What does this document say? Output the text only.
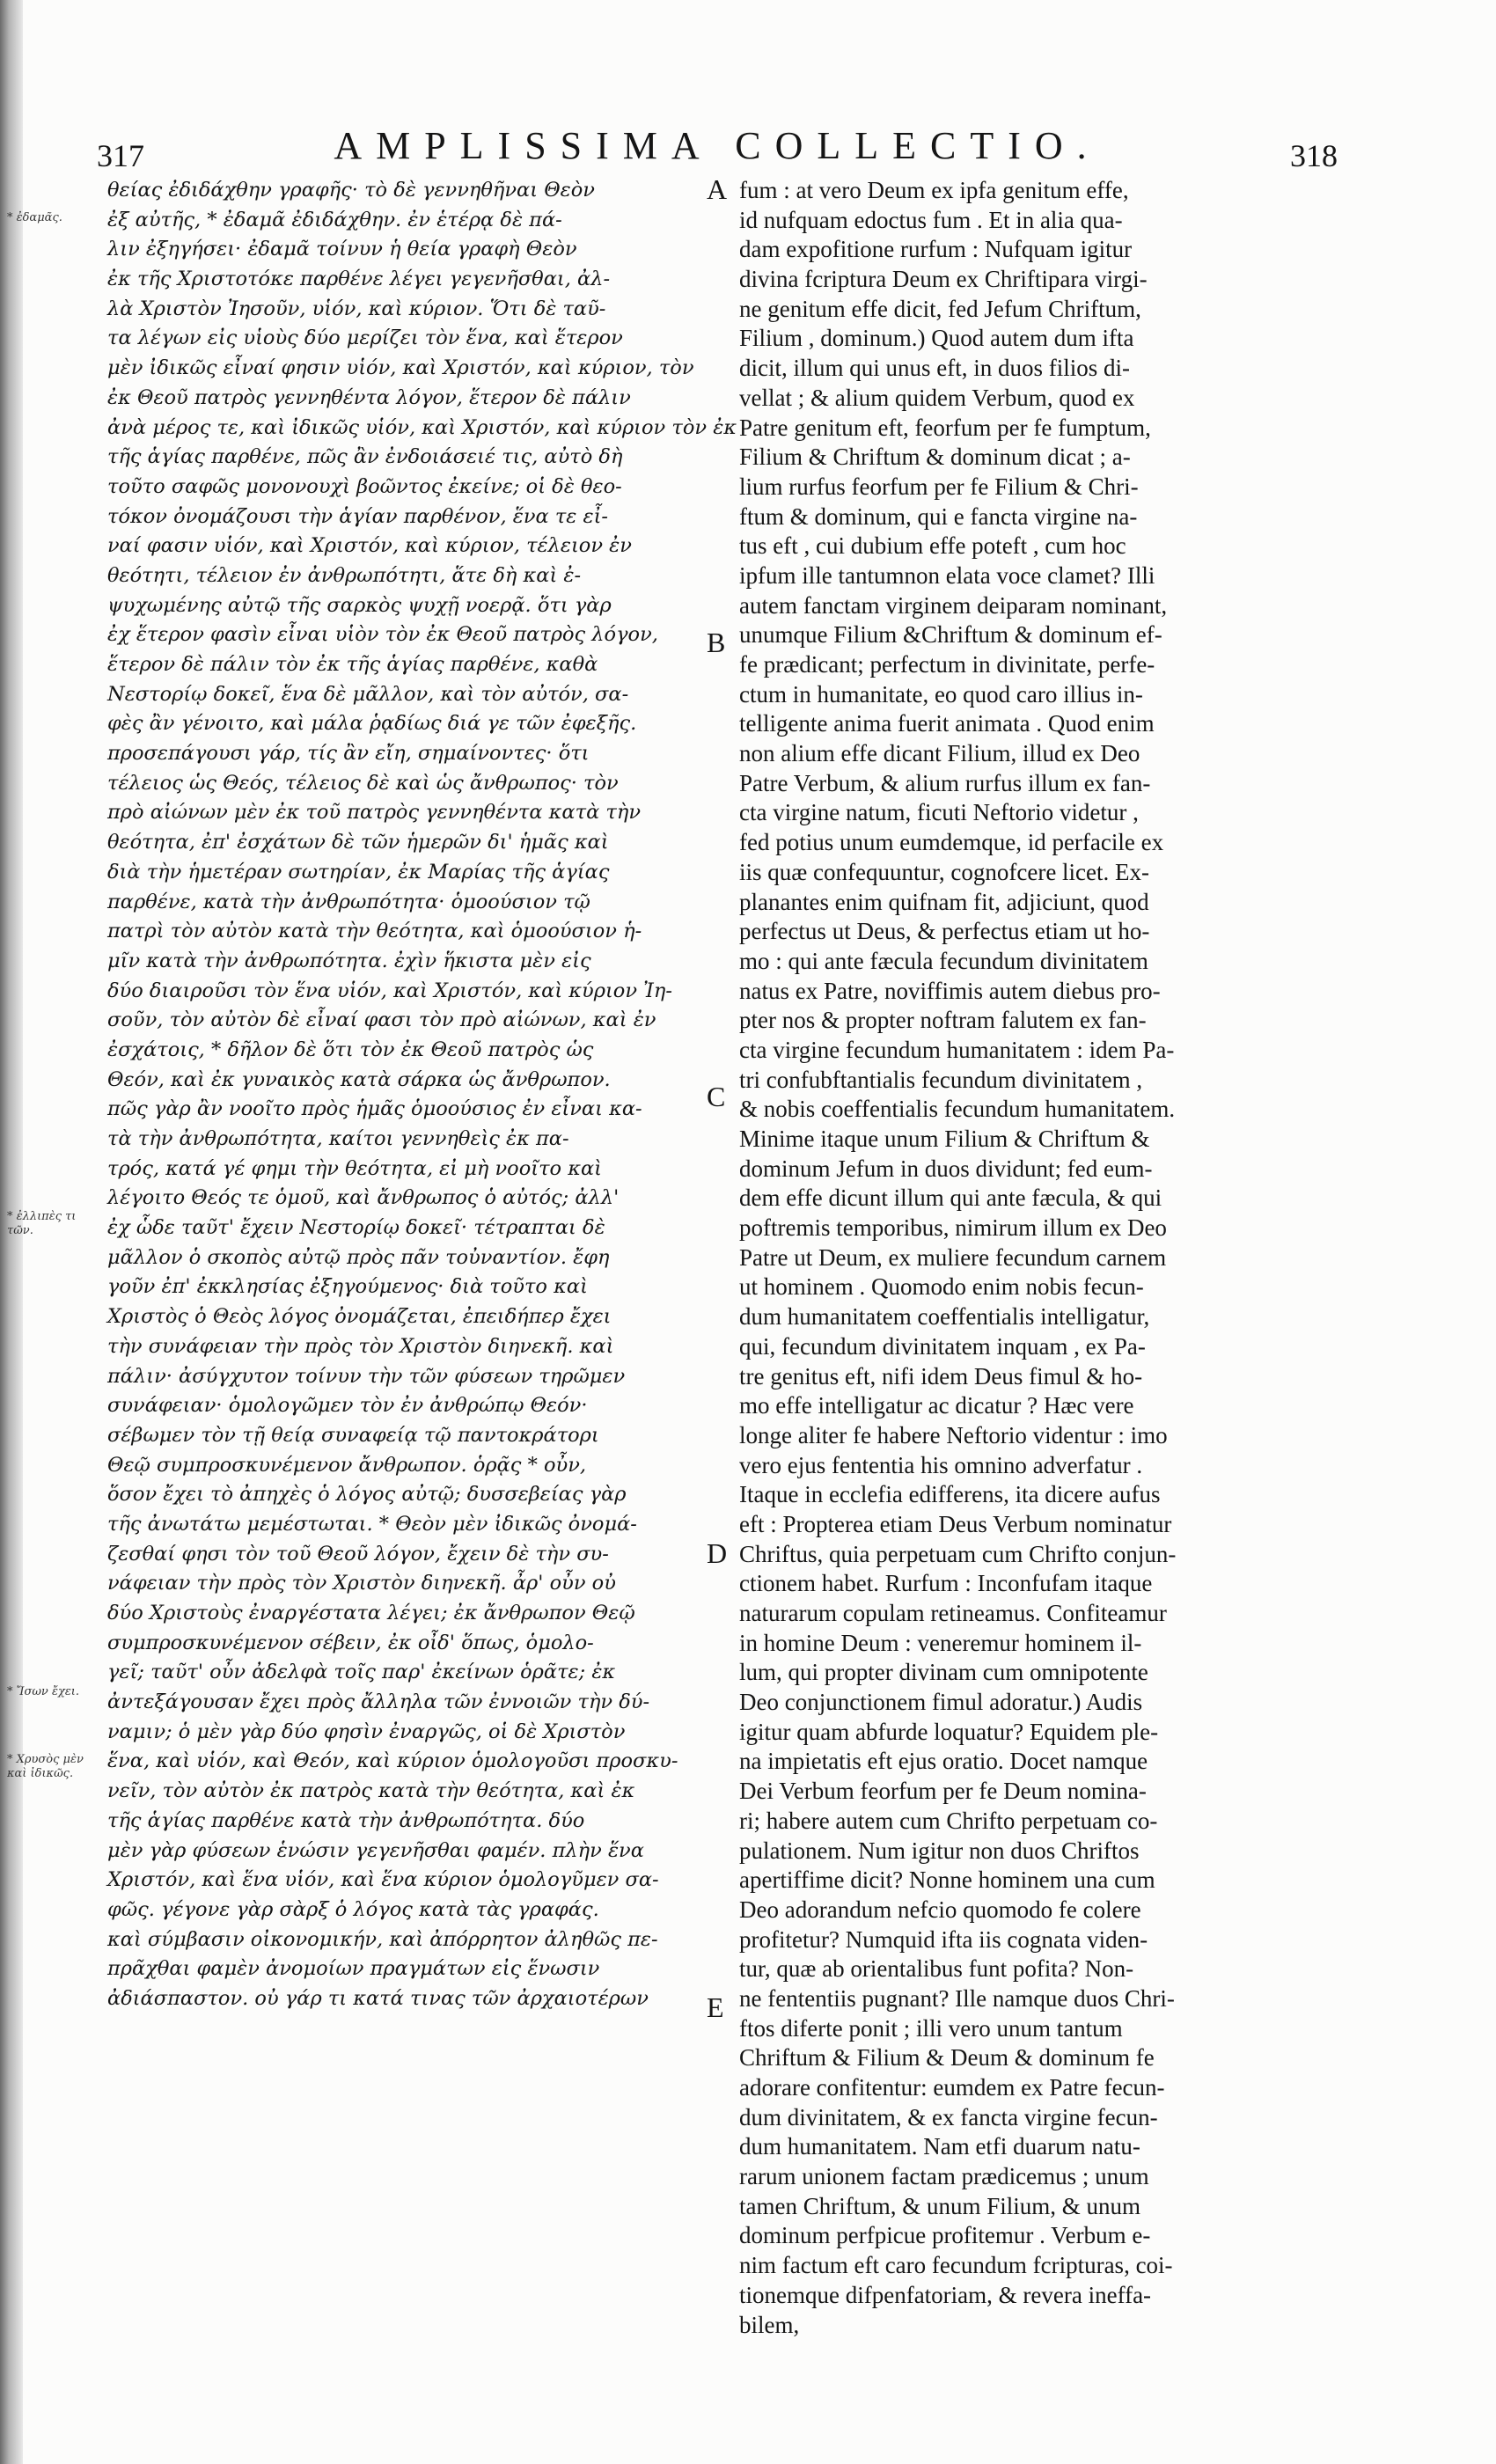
317	AMPLISSIMA COLLECTIO.	318
* ἐδαμᾶς.
* ἐλλιπὲς τι τῶν.
* Ἴσων ἔχει.
* Χρυσὸς μὲν καὶ ἰδικῶς.
A
B
C
D
E
θείας ἐδιδάχθην γραφῆς· τὸ δὲ γεννηθῆναι Θεὸν
ἐξ αὐτῆς, * ἐδαμᾶ ἐδιδάχθην. ἐν ἑτέρᾳ δὲ πά-
λιν ἐξηγήσει· ἐδαμᾶ τοίνυν ἡ θεία γραφὴ Θεὸν
ἐκ τῆς Χριστοτόκε παρθένε λέγει γεγενῆσθαι, ἀλ-
λὰ Χριστὸν Ἰησοῦν, υἱόν, καὶ κύριον. Ὅτι δὲ ταῦ-
τα λέγων εἰς υἱοὺς δύο μερίζει τὸν ἕνα, καὶ ἕτερον
μὲν ἰδικῶς εἶναί φησιν υἱόν, καὶ Χριστόν, καὶ κύριον, τὸν
ἐκ Θεοῦ πατρὸς γεννηθέντα λόγον, ἕτερον δὲ πάλιν
ἀνὰ μέρος τε, καὶ ἰδικῶς υἱόν, καὶ Χριστόν, καὶ κύριον τὸν ἐκ
τῆς ἁγίας παρθένε, πῶς ἂν ἐνδοιάσειέ τις, αὐτὸ δὴ
τοῦτο σαφῶς μονονουχὶ βοῶντος ἐκείνε; οἱ δὲ θεο-
τόκον ὀνομάζουσι τὴν ἁγίαν παρθένον, ἕνα τε εἶ-
ναί φασιν υἱόν, καὶ Χριστόν, καὶ κύριον, τέλειον ἐν
θεότητι, τέλειον ἐν ἀνθρωπότητι, ἅτε δὴ καὶ ἐ-
ψυχωμένης αὐτῷ τῆς σαρκὸς ψυχῇ νοερᾷ. ὅτι γὰρ
ἐχ ἕτερον φασὶν εἶναι υἱὸν τὸν ἐκ Θεοῦ πατρὸς λόγον,
ἕτερον δὲ πάλιν τὸν ἐκ τῆς ἁγίας παρθένε, καθὰ
Νεστορίῳ δοκεῖ, ἕνα δὲ μᾶλλον, καὶ τὸν αὐτόν, σα-
φὲς ἂν γένοιτο, καὶ μάλα ῥᾳδίως διά γε τῶν ἐφεξῆς.
προσεπάγουσι γάρ, τίς ἂν εἴη, σημαίνοντες· ὅτι
τέλειος ὡς Θεός, τέλειος δὲ καὶ ὡς ἄνθρωπος· τὸν
πρὸ αἰώνων μὲν ἐκ τοῦ πατρὸς γεννηθέντα κατὰ τὴν
θεότητα, ἐπ' ἐσχάτων δὲ τῶν ἡμερῶν δι' ἡμᾶς καὶ
διὰ τὴν ἡμετέραν σωτηρίαν, ἐκ Μαρίας τῆς ἁγίας
παρθένε, κατὰ τὴν ἀνθρωπότητα· ὁμοούσιον τῷ
πατρὶ τὸν αὐτὸν κατὰ τὴν θεότητα, καὶ ὁμοούσιον ἡ-
μῖν κατὰ τὴν ἀνθρωπότητα. ἐχὶν ἥκιστα μὲν εἰς
δύο διαιροῦσι τὸν ἕνα υἱόν, καὶ Χριστόν, καὶ κύριον Ἰη-
σοῦν, τὸν αὐτὸν δὲ εἶναί φασι τὸν πρὸ αἰώνων, καὶ ἐν
ἐσχάτοις, * δῆλον δὲ ὅτι τὸν ἐκ Θεοῦ πατρὸς ὡς
Θεόν, καὶ ἐκ γυναικὸς κατὰ σάρκα ὡς ἄνθρωπον.
πῶς γὰρ ἂν νοοῖτο πρὸς ἡμᾶς ὁμοούσιος ἐν εἶναι κα-
τὰ τὴν ἀνθρωπότητα, καίτοι γεννηθεὶς ἐκ πα-
τρός, κατά γέ φημι τὴν θεότητα, εἰ μὴ νοοῖτο καὶ
λέγοιτο Θεός τε ὁμοῦ, καὶ ἄνθρωπος ὁ αὐτός; ἀλλ'
ἐχ ὧδε ταῦτ' ἔχειν Νεστορίῳ δοκεῖ· τέτραπται δὲ
μᾶλλον ὁ σκοπὸς αὐτῷ πρὸς πᾶν τοὐναντίον. ἔφη
γοῦν ἐπ' ἐκκλησίας ἐξηγούμενος· διὰ τοῦτο καὶ
Χριστὸς ὁ Θεὸς λόγος ὀνομάζεται, ἐπειδήπερ ἔχει
τὴν συνάφειαν τὴν πρὸς τὸν Χριστὸν διηνεκῆ. καὶ
πάλιν· ἀσύγχυτον τοίνυν τὴν τῶν φύσεων τηρῶμεν
συνάφειαν· ὁμολογῶμεν τὸν ἐν ἀνθρώπῳ Θεόν·
σέβωμεν τὸν τῇ θείᾳ συναφείᾳ τῷ παντοκράτορι
Θεῷ συμπροσκυνέμενον ἄνθρωπον. ὁρᾷς * οὖν,
ὅσον ἔχει τὸ ἀπηχὲς ὁ λόγος αὐτῷ; δυσσεβείας γὰρ
τῆς ἀνωτάτω μεμέστωται. * Θεὸν μὲν ἰδικῶς ὀνομά-
ζεσθαί φησι τὸν τοῦ Θεοῦ λόγον, ἔχειν δὲ τὴν συ-
νάφειαν τὴν πρὸς τὸν Χριστὸν διηνεκῆ. ἆρ' οὖν οὐ
δύο Χριστοὺς ἐναργέστατα λέγει; ἐκ ἄνθρωπον Θεῷ
συμπροσκυνέμενον σέβειν, ἐκ οἶδ' ὅπως, ὁμολο-
γεῖ; ταῦτ' οὖν ἀδελφὰ τοῖς παρ' ἐκείνων ὁρᾶτε; ἐκ
ἀντεξάγουσαν ἔχει πρὸς ἄλληλα τῶν ἐννοιῶν τὴν δύ-
ναμιν; ὁ μὲν γὰρ δύο φησὶν ἐναργῶς, οἱ δὲ Χριστὸν
ἕνα, καὶ υἱόν, καὶ Θεόν, καὶ κύριον ὁμολογοῦσι προσκυ-
νεῖν, τὸν αὐτὸν ἐκ πατρὸς κατὰ τὴν θεότητα, καὶ ἐκ
τῆς ἁγίας παρθένε κατὰ τὴν ἀνθρωπότητα. δύο
μὲν γὰρ φύσεων ἑνώσιν γεγενῆσθαι φαμέν. πλὴν ἕνα
Χριστόν, καὶ ἕνα υἱόν, καὶ ἕνα κύριον ὁμολογῦμεν σα-
φῶς. γέγονε γὰρ σὰρξ ὁ λόγος κατὰ τὰς γραφάς.
καὶ σύμβασιν οἰκονομικήν, καὶ ἀπόρρητον ἀληθῶς πε-
πρᾶχθαι φαμὲν ἀνομοίων πραγμάτων εἰς ἕνωσιν
ἀδιάσπαστον. οὐ γάρ τι κατά τινας τῶν ἀρχαιοτέρων
fum : at vero Deum ex ipfa genitum effe,
id nufquam edoctus fum . Et in alia qua-
dam expofitione rurfum : Nufquam igitur
divina fcriptura Deum ex Chriftipara virgi-
ne genitum effe dicit, fed Jefum Chriftum,
Filium , dominum.) Quod autem dum ifta
dicit, illum qui unus eft, in duos filios di-
vellat ; & alium quidem Verbum, quod ex
Patre genitum eft, feorfum per fe fumptum,
Filium & Chriftum & dominum dicat ; a-
lium rurfus feorfum per fe Filium & Chri-
ftum & dominum, qui e fancta virgine na-
tus eft , cui dubium effe poteft , cum hoc
ipfum ille tantumnon elata voce clamet? Illi
autem fanctam virginem deiparam nominant,
unumque Filium &Chriftum & dominum ef-
fe prædicant; perfectum in divinitate, perfe-
ctum in humanitate, eo quod caro illius in-
telligente anima fuerit animata . Quod enim
non alium effe dicant Filium, illud ex Deo
Patre Verbum, & alium rurfus illum ex fan-
cta virgine natum, ficuti Neftorio videtur ,
fed potius unum eumdemque, id perfacile ex
iis quæ confequuntur, cognofcere licet. Ex-
planantes enim quifnam fit, adjiciunt, quod
perfectus ut Deus, & perfectus etiam ut ho-
mo : qui ante fæcula fecundum divinitatem
natus ex Patre, noviffimis autem diebus pro-
pter nos & propter noftram falutem ex fan-
cta virgine fecundum humanitatem : idem Pa-
tri confubftantialis fecundum divinitatem ,
& nobis coeffentialis fecundum humanitatem.
Minime itaque unum Filium & Chriftum &
dominum Jefum in duos dividunt; fed eum-
dem effe dicunt illum qui ante fæcula, & qui
poftremis temporibus, nimirum illum ex Deo
Patre ut Deum, ex muliere fecundum carnem
ut hominem . Quomodo enim nobis fecun-
dum humanitatem coeffentialis intelligatur,
qui, fecundum divinitatem inquam , ex Pa-
tre genitus eft, nifi idem Deus fimul & ho-
mo effe intelligatur ac dicatur ? Hæc vere
longe aliter fe habere Neftorio videntur : imo
vero ejus fententia his omnino adverfatur .
Itaque in ecclefia edifferens, ita dicere aufus
eft : Propterea etiam Deus Verbum nominatur
Chriftus, quia perpetuam cum Chrifto conjun-
ctionem habet. Rurfum : Inconfufam itaque
naturarum copulam retineamus. Confiteamur
in homine Deum : veneremur hominem il-
lum, qui propter divinam cum omnipotente
Deo conjunctionem fimul adoratur.) Audis
igitur quam abfurde loquatur? Equidem ple-
na impietatis eft ejus oratio. Docet namque
Dei Verbum feorfum per fe Deum nomina-
ri; habere autem cum Chrifto perpetuam co-
pulationem. Num igitur non duos Chriftos
apertiffime dicit? Nonne hominem una cum
Deo adorandum nefcio quomodo fe colere
profitetur? Numquid ifta iis cognata viden-
tur, quæ ab orientalibus funt pofita? Non-
ne fententiis pugnant? Ille namque duos Chri-
ftos diferte ponit ; illi vero unum tantum
Chriftum & Filium & Deum & dominum fe
adorare confitentur: eumdem ex Patre fecun-
dum divinitatem, & ex fancta virgine fecun-
dum humanitatem. Nam etfi duarum natu-
rarum unionem factam prædicemus ; unum
tamen Chriftum, & unum Filium, & unum
dominum perfpicue profitemur . Verbum e-
nim factum eft caro fecundum fcripturas, coi-
tionemque difpenfatoriam, & revera ineffa-
bilem,
